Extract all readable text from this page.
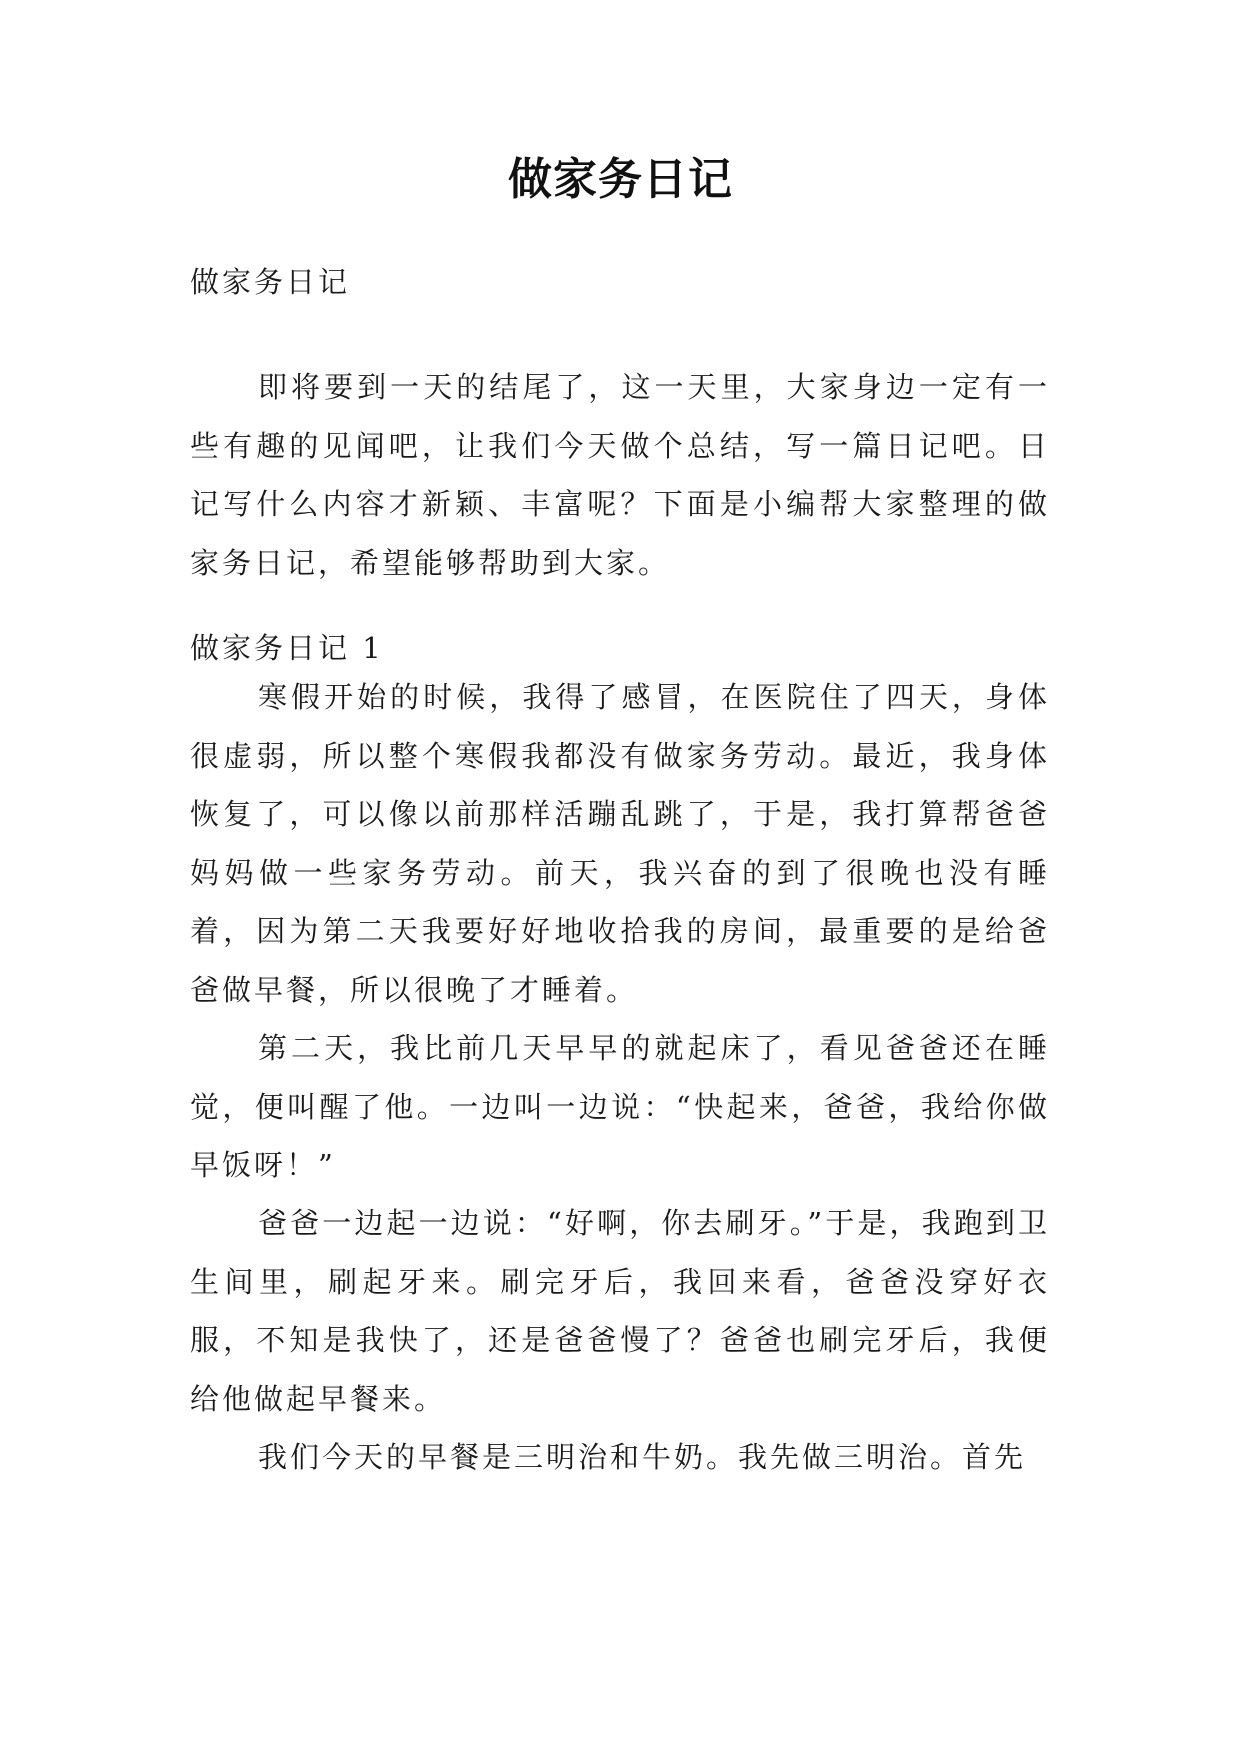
做家务日记
做家务日记
即将要到一天的结尾了，这一天里，大家身边一定有一些有趣的见闻吧，让我们今天做个总结，写一篇日记吧。日记写什么内容才新颖、丰富呢？下面是小编帮大家整理的做家务日记，希望能够帮助到大家。
做家务日记 1
寒假开始的时候，我得了感冒，在医院住了四天，身体很虚弱，所以整个寒假我都没有做家务劳动。最近，我身体恢复了，可以像以前那样活蹦乱跳了，于是，我打算帮爸爸妈妈做一些家务劳动。前天，我兴奋的到了很晚也没有睡着，因为第二天我要好好地收拾我的房间，最重要的是给爸爸做早餐，所以很晚了才睡着。
第二天，我比前几天早早的就起床了，看见爸爸还在睡觉，便叫醒了他。一边叫一边说：“快起来，爸爸，我给你做早饭呀！”
爸爸一边起一边说：“好啊，你去刷牙。”于是，我跑到卫生间里，刷起牙来。刷完牙后，我回来看，爸爸没穿好衣服，不知是我快了，还是爸爸慢了？爸爸也刷完牙后，我便给他做起早餐来。
我们今天的早餐是三明治和牛奶。我先做三明治。首先
